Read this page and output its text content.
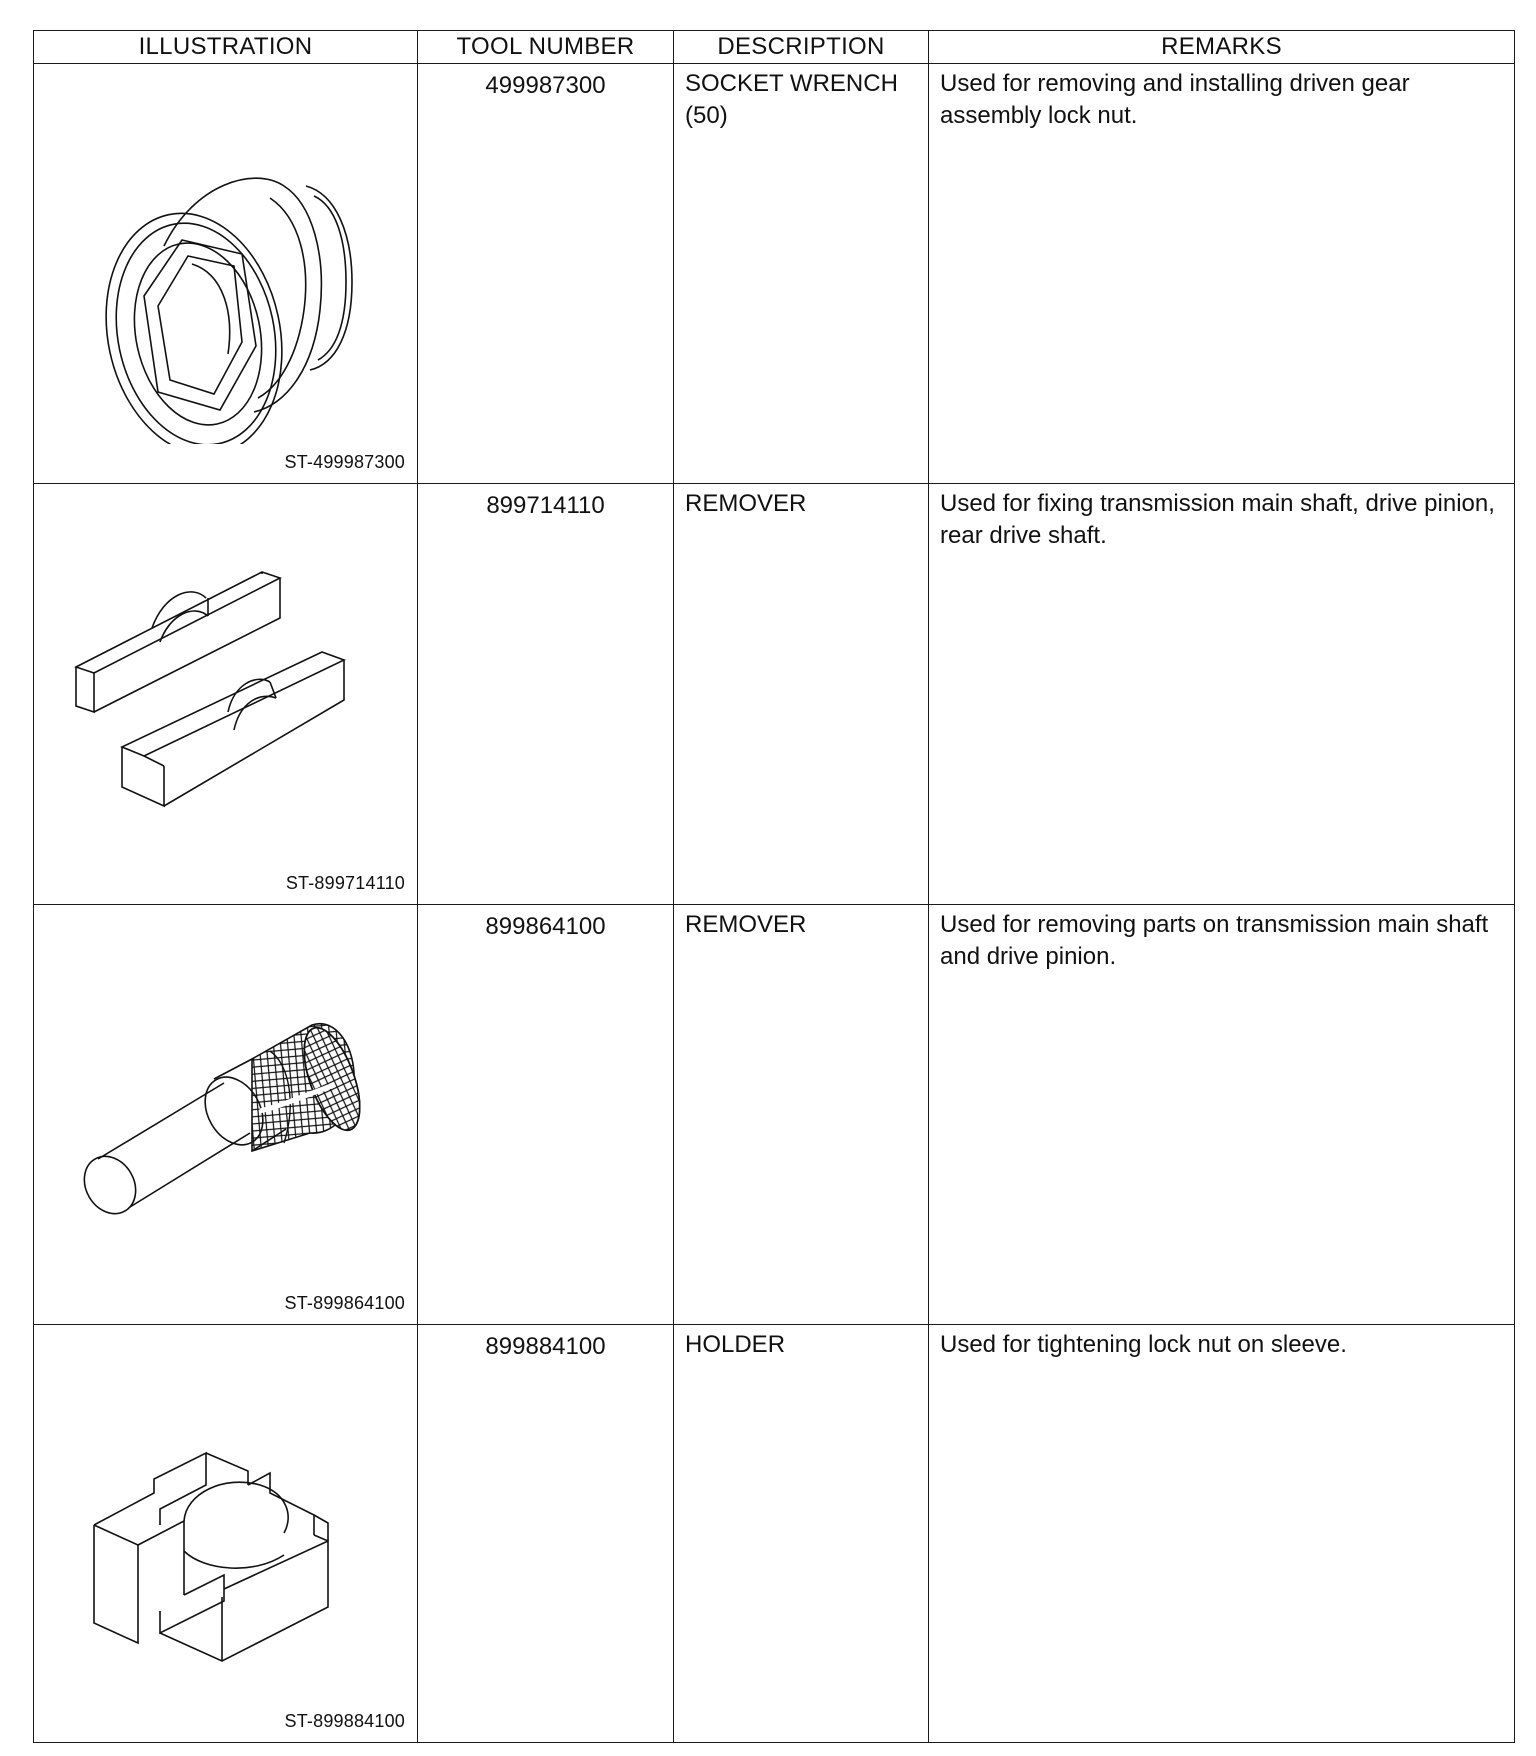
ILLUSTRATION	TOOL NUMBER	DESCRIPTION	REMARKS

ST-499987300	499987300	SOCKET WRENCH (50)	Used for removing and installing driven gear assembly lock nut.

ST-899714110	899714110	REMOVER	Used for fixing transmission main shaft, drive pinion, rear drive shaft.

ST-899864100	899864100	REMOVER	Used for removing parts on transmission main shaft and drive pinion.

ST-899884100	899884100	HOLDER	Used for tightening lock nut on sleeve.
